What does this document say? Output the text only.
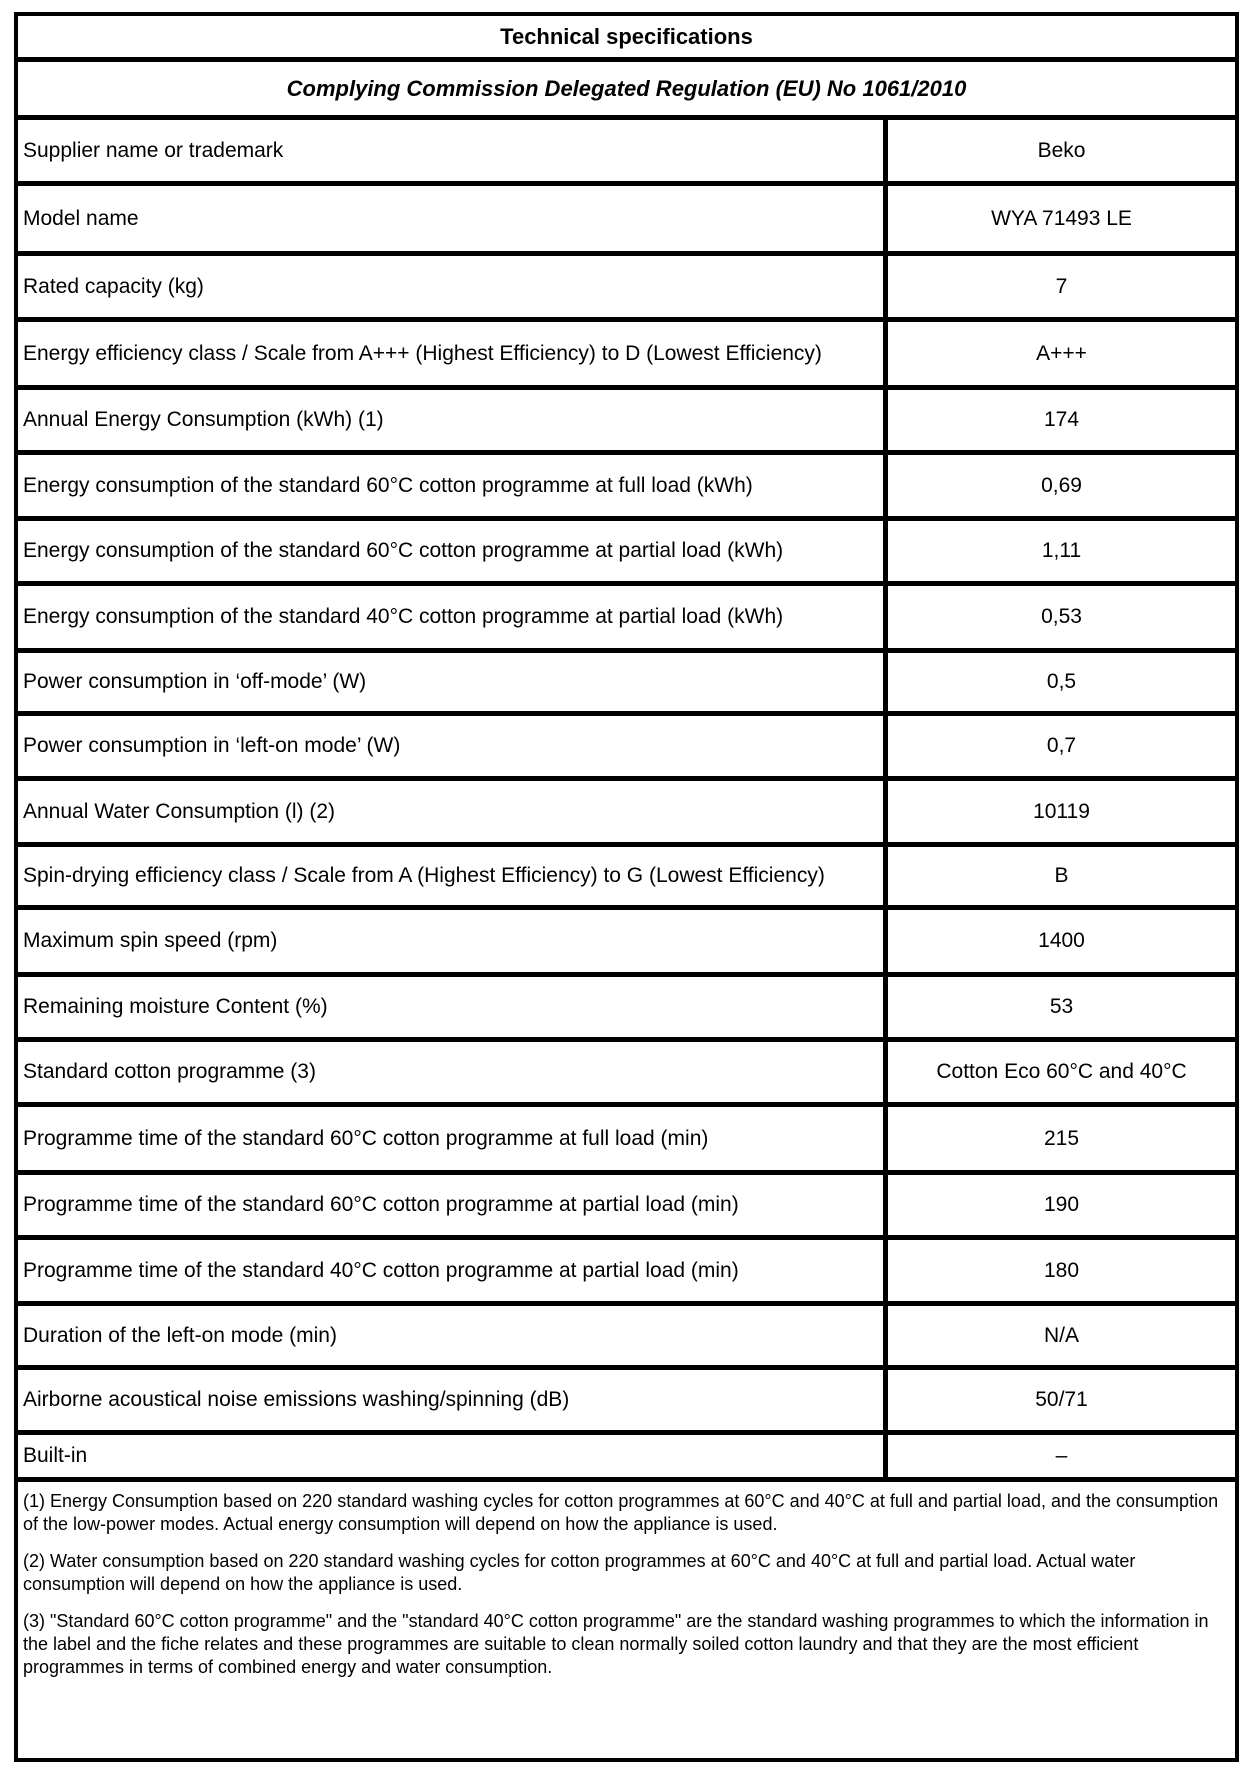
Technical specifications
Complying Commission Delegated Regulation (EU) No 1061/2010
Supplier name or trademark	Beko
Model name	WYA 71493 LE
Rated capacity (kg)	7
Energy efficiency class / Scale from A+++ (Highest Efficiency) to D (Lowest Efficiency)	A+++
Annual Energy Consumption (kWh) (1)	174
Energy consumption of the standard 60°C cotton programme at full load (kWh)	0,69
Energy consumption of the standard 60°C cotton programme at partial load (kWh)	1,11
Energy consumption of the standard 40°C cotton programme at partial load (kWh)	0,53
Power consumption in ‘off-mode’ (W)	0,5
Power consumption in ‘left-on mode’ (W)	0,7
Annual Water Consumption (l) (2)	10119
Spin-drying efficiency class / Scale from A (Highest Efficiency) to G (Lowest Efficiency)	B
Maximum spin speed (rpm)	1400
Remaining moisture Content (%)	53
Standard cotton programme (3)	Cotton Eco 60°C and 40°C
Programme time of the standard 60°C cotton programme at full load (min)	215
Programme time of the standard 60°C cotton programme at partial load (min)	190
Programme time of the standard 40°C cotton programme at partial load (min)	180
Duration of the left-on mode (min)	N/A
Airborne acoustical noise emissions washing/spinning (dB)	50/71
Built-in	–

(1) Energy Consumption based on 220 standard washing cycles for cotton programmes at 60°C and 40°C at full and partial load, and the consumption of the low-power modes. Actual energy consumption will depend on how the appliance is used.

(2) Water consumption based on 220 standard washing cycles for cotton programmes at 60°C and 40°C at full and partial load. Actual water consumption will depend on how the appliance is used.

(3) "Standard 60°C cotton programme" and the "standard 40°C cotton programme" are the standard washing programmes to which the information in the label and the fiche relates and these programmes are suitable to clean normally soiled cotton laundry and that they are the most efficient programmes in terms of combined energy and water consumption.
